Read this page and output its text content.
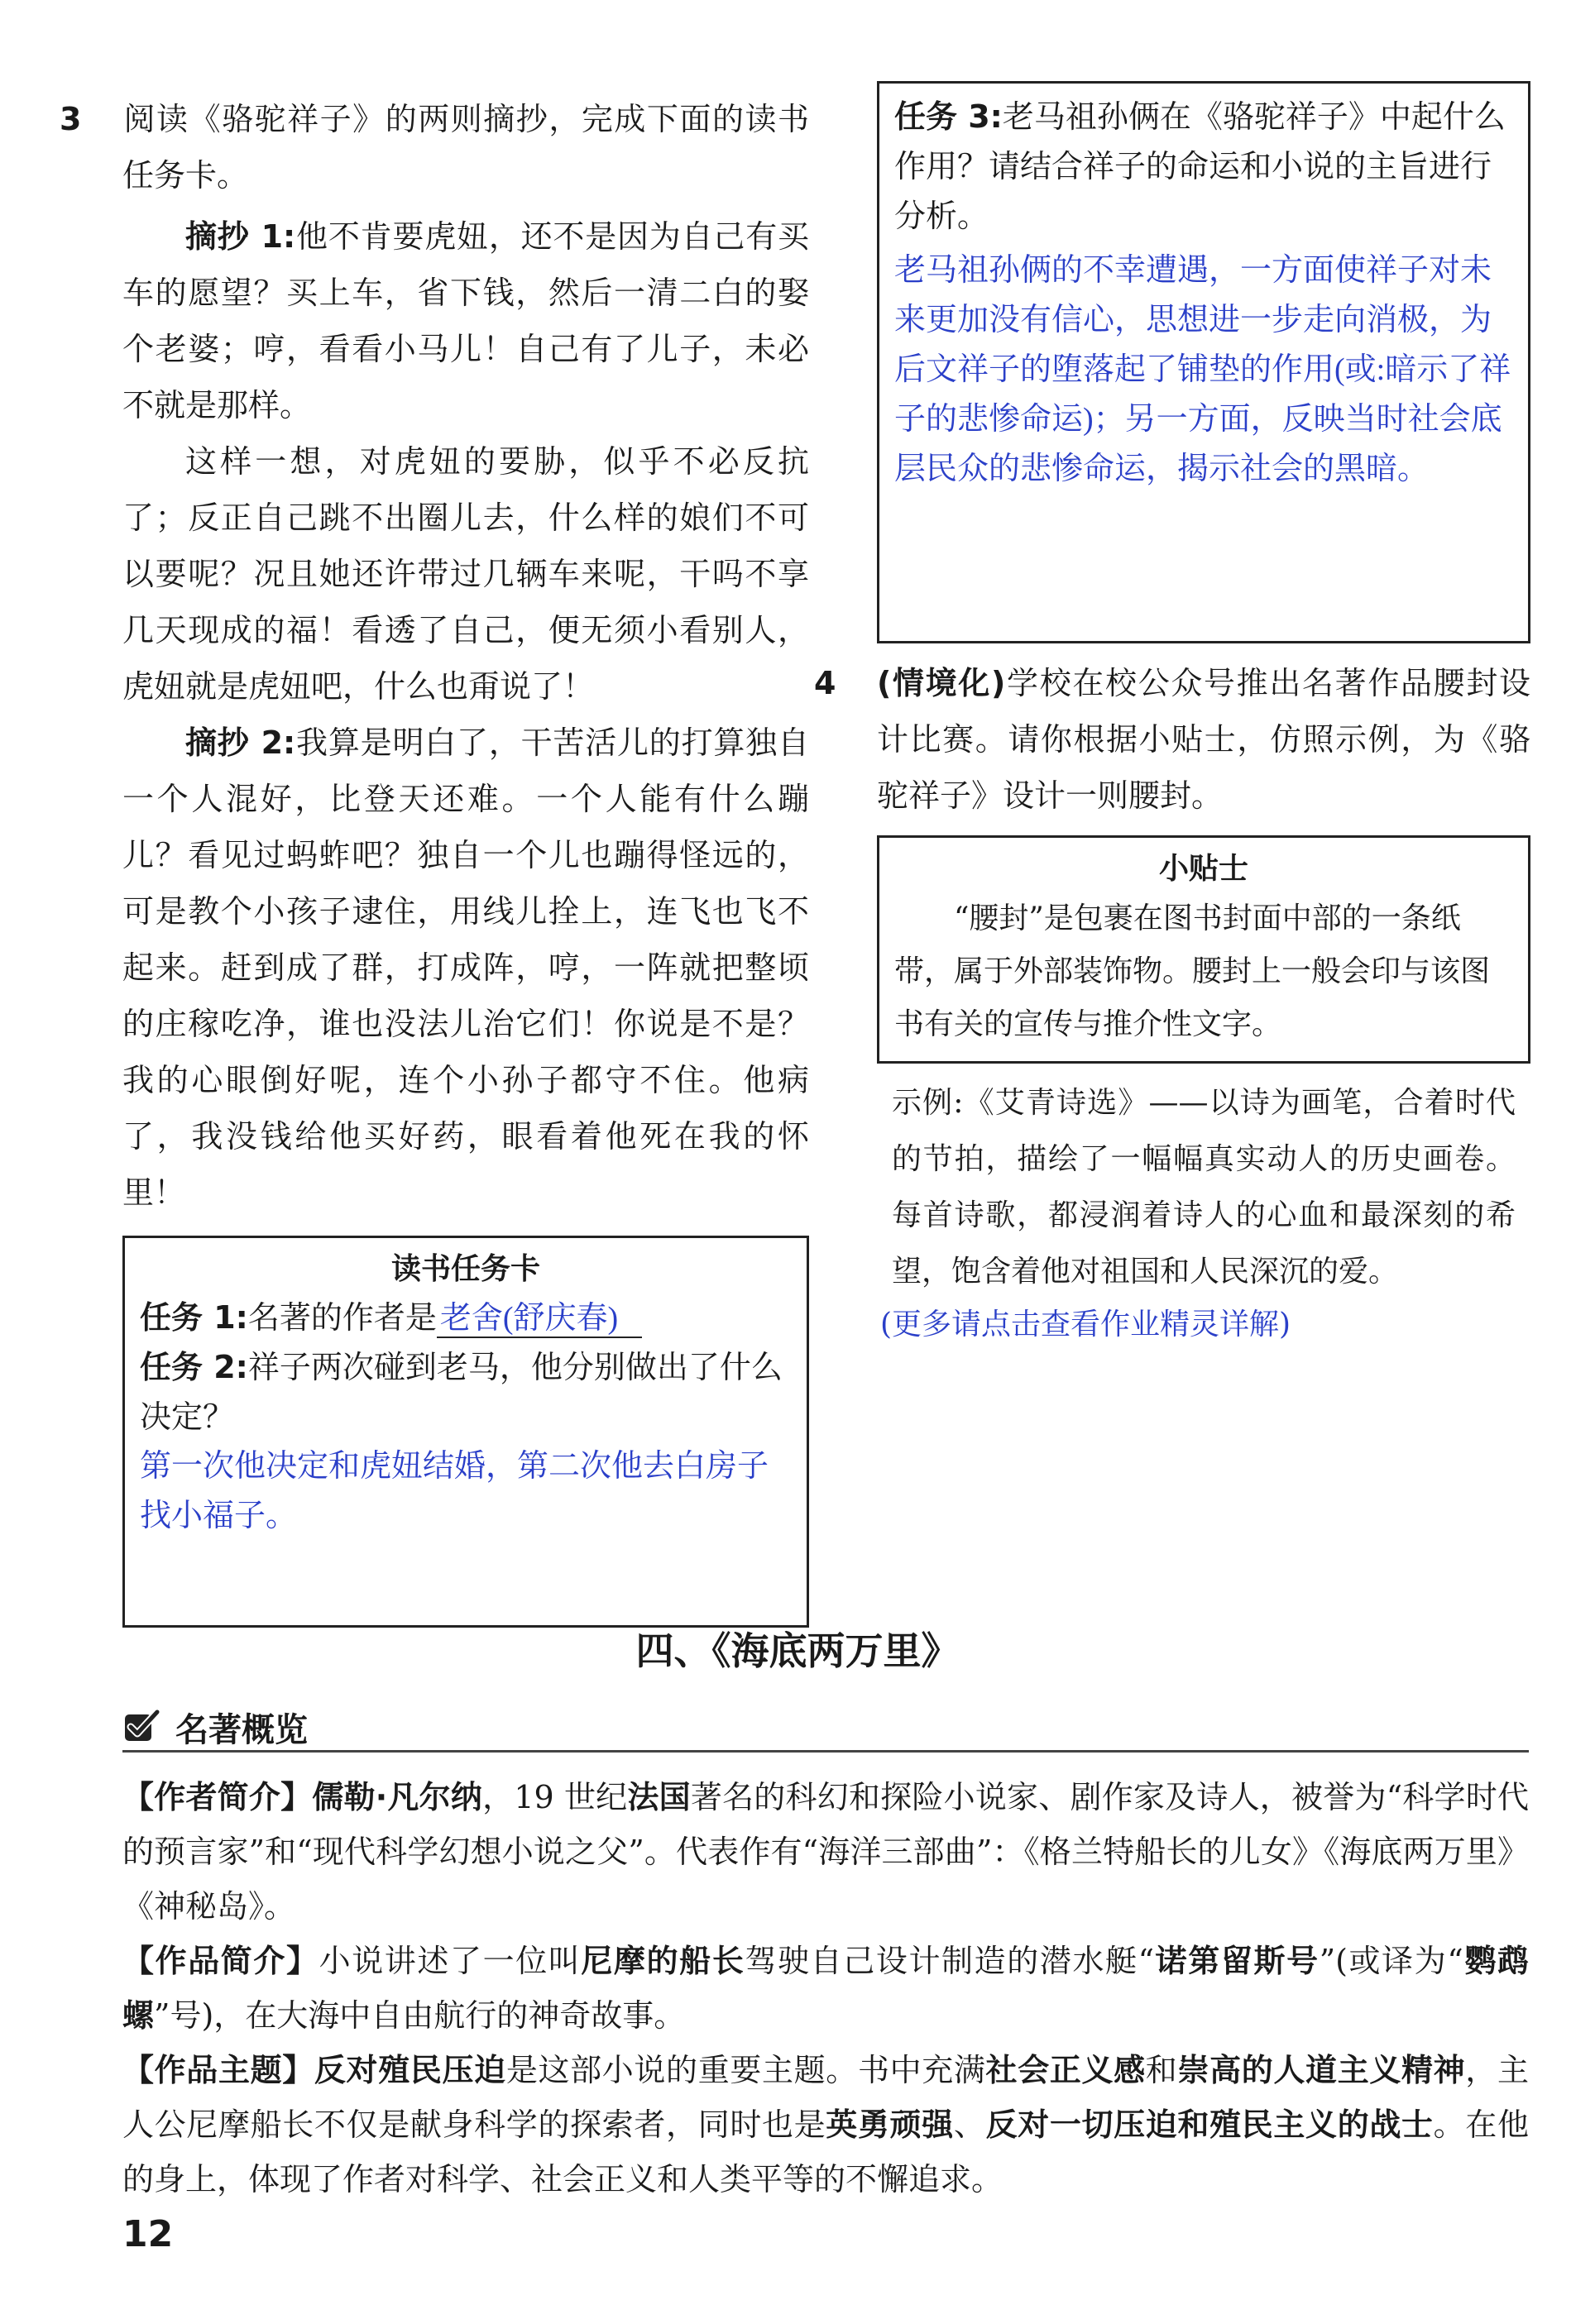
3 阅读《骆驼祥子》的两则摘抄，完成下面的读书任务卡。

摘抄 1:他不肯要虎妞，还不是因为自己有买车的愿望？买上车，省下钱，然后一清二白的娶个老婆；哼，看看小马儿！自己有了儿子，未必不就是那样。

这样一想，对虎妞的要胁，似乎不必反抗了；反正自己跳不出圈儿去，什么样的娘们不可以要呢？况且她还许带过几辆车来呢，干吗不享几天现成的福！看透了自己，便无须小看别人，虎妞就是虎妞吧，什么也甭说了！

摘抄 2:我算是明白了，干苦活儿的打算独自一个人混好，比登天还难。一个人能有什么蹦儿？看见过蚂蚱吧？独自一个儿也蹦得怪远的，可是教个小孩子逮住，用线儿拴上，连飞也飞不起来。赶到成了群，打成阵，哼，一阵就把整顷的庄稼吃净，谁也没法儿治它们！你说是不是？我的心眼倒好呢，连个小孙子都守不住。他病了，我没钱给他买好药，眼看着他死在我的怀里！

读书任务卡
任务 1:名著的作者是 老舍(舒庆春)
任务 2:祥子两次碰到老马，他分别做出了什么决定？
第一次他决定和虎妞结婚，第二次他去白房子找小福子。
任务 3:老马祖孙俩在《骆驼祥子》中起什么作用？请结合祥子的命运和小说的主旨进行分析。
老马祖孙俩的不幸遭遇，一方面使祥子对未来更加没有信心，思想进一步走向消极，为后文祥子的堕落起了铺垫的作用(或:暗示了祥子的悲惨命运)；另一方面，反映当时社会底层民众的悲惨命运，揭示社会的黑暗。

4 (情境化)学校在校公众号推出名著作品腰封设计比赛。请你根据小贴士，仿照示例，为《骆驼祥子》设计一则腰封。

小贴士
“腰封”是包裹在图书封面中部的一条纸带，属于外部装饰物。腰封上一般会印与该图书有关的宣传与推介性文字。

示例:《艾青诗选》——以诗为画笔，合着时代的节拍，描绘了一幅幅真实动人的历史画卷。每首诗歌，都浸润着诗人的心血和最深刻的希望，饱含着他对祖国和人民深沉的爱。

(更多请点击查看作业精灵详解)
四、《海底两万里》
名著概览

【作者简介】儒勒·凡尔纳，19 世纪法国著名的科幻和探险小说家、剧作家及诗人，被誉为“科学时代的预言家”和“现代科学幻想小说之父”。代表作有“海洋三部曲”：《格兰特船长的儿女》《海底两万里》《神秘岛》。

【作品简介】小说讲述了一位叫尼摩的船长驾驶自己设计制造的潜水艇“诺第留斯号”(或译为“鹦鹉螺”号)，在大海中自由航行的神奇故事。

【作品主题】反对殖民压迫是这部小说的重要主题。书中充满社会正义感和崇高的人道主义精神，主人公尼摩船长不仅是献身科学的探索者，同时也是英勇顽强、反对一切压迫和殖民主义的战士。在他的身上，体现了作者对科学、社会正义和人类平等的不懈追求。

12
